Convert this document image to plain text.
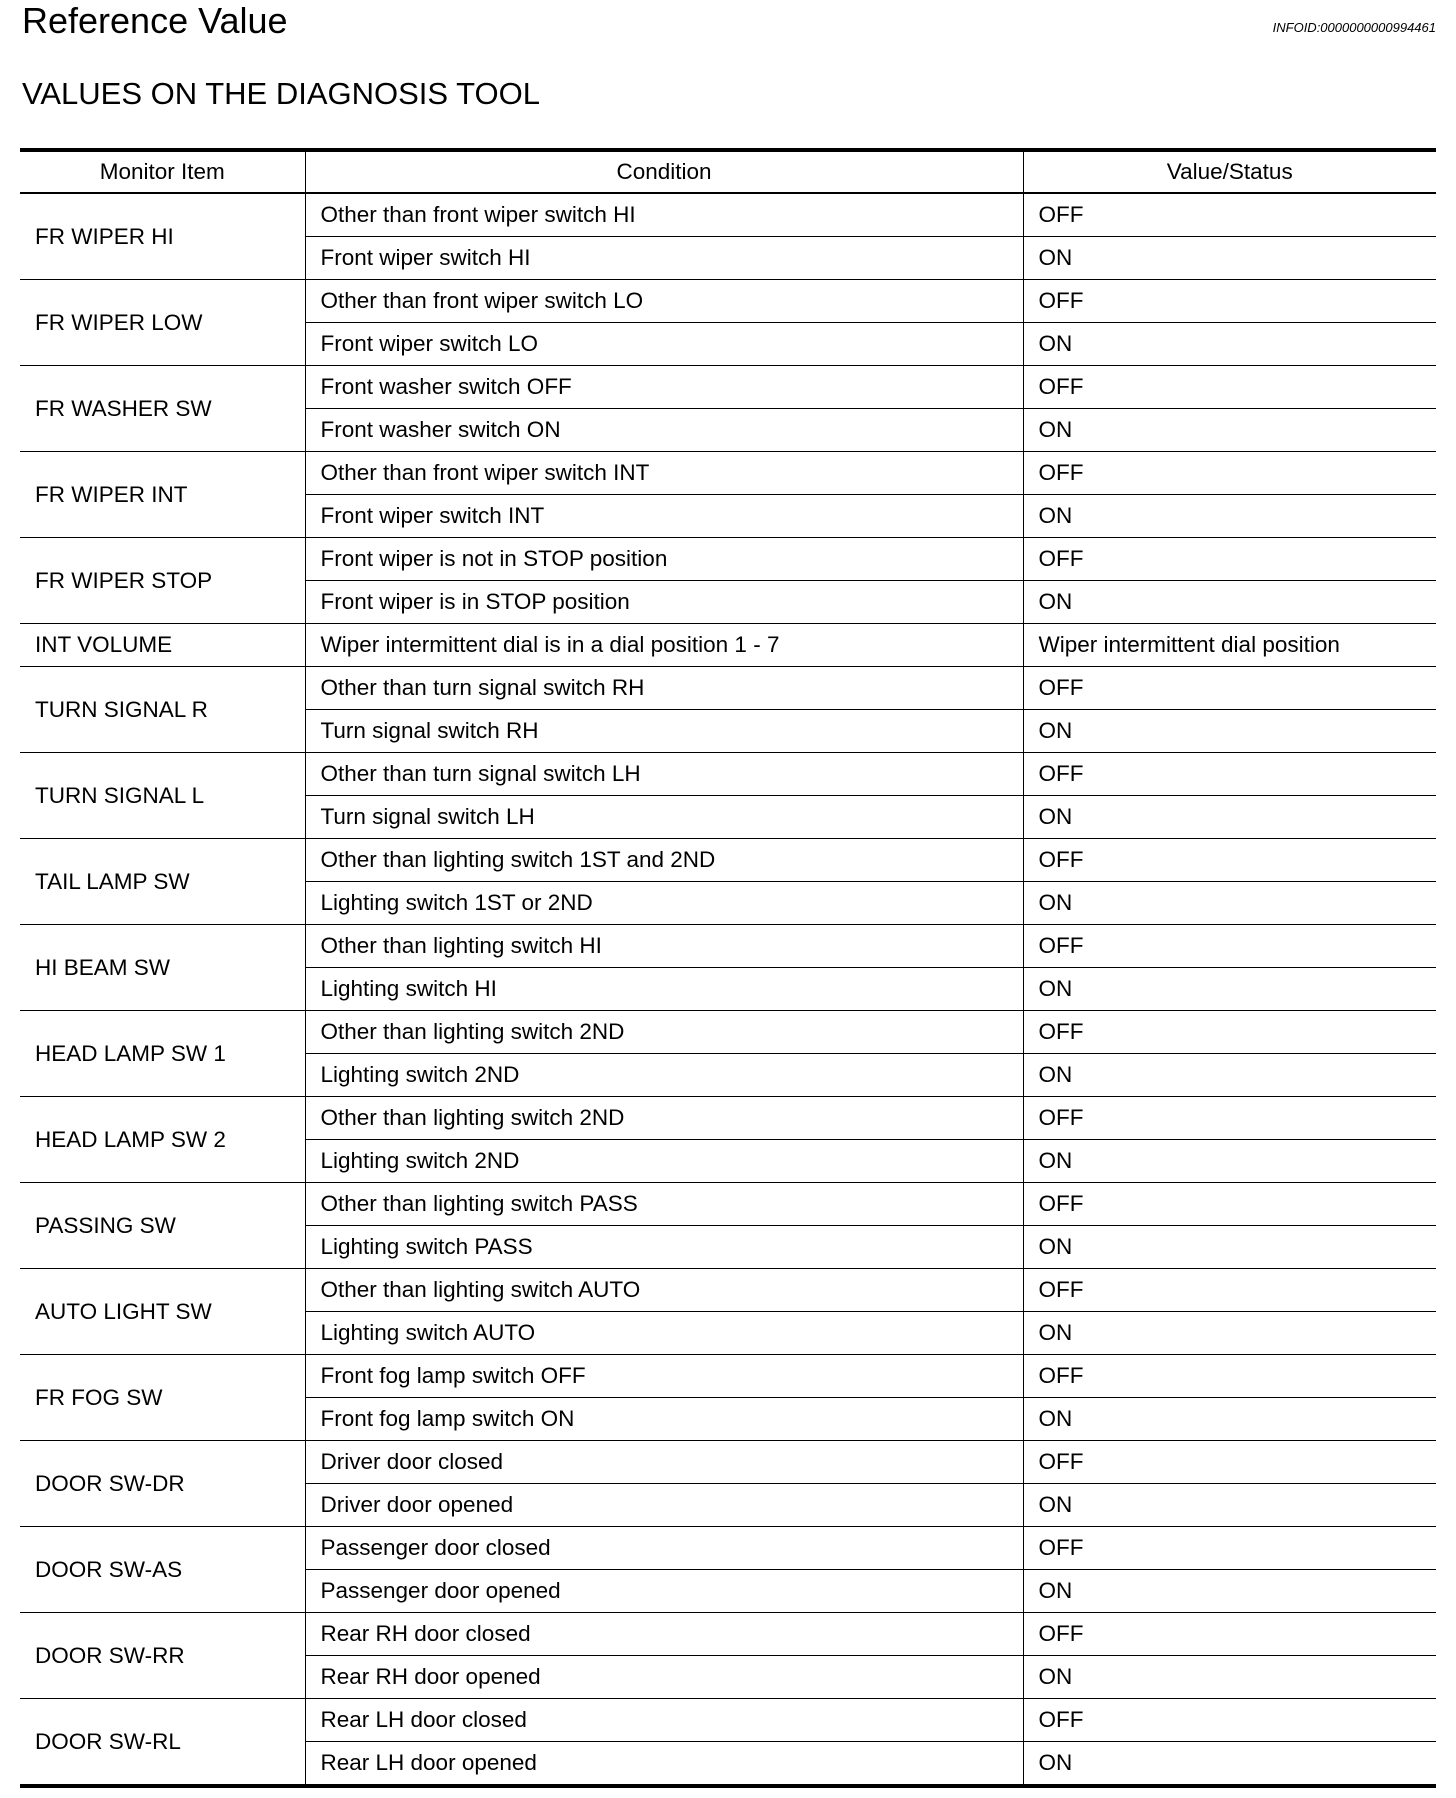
Reference Value	INFOID:0000000000994461
VALUES ON THE DIAGNOSIS TOOL
Monitor Item	Condition	Value/Status
FR WIPER HI	Other than front wiper switch HI	OFF
	Front wiper switch HI	ON
FR WIPER LOW	Other than front wiper switch LO	OFF
	Front wiper switch LO	ON
FR WASHER SW	Front washer switch OFF	OFF
	Front washer switch ON	ON
FR WIPER INT	Other than front wiper switch INT	OFF
	Front wiper switch INT	ON
FR WIPER STOP	Front wiper is not in STOP position	OFF
	Front wiper is in STOP position	ON
INT VOLUME	Wiper intermittent dial is in a dial position 1 - 7	Wiper intermittent dial position
TURN SIGNAL R	Other than turn signal switch RH	OFF
	Turn signal switch RH	ON
TURN SIGNAL L	Other than turn signal switch LH	OFF
	Turn signal switch LH	ON
TAIL LAMP SW	Other than lighting switch 1ST and 2ND	OFF
	Lighting switch 1ST or 2ND	ON
HI BEAM SW	Other than lighting switch HI	OFF
	Lighting switch HI	ON
HEAD LAMP SW 1	Other than lighting switch 2ND	OFF
	Lighting switch 2ND	ON
HEAD LAMP SW 2	Other than lighting switch 2ND	OFF
	Lighting switch 2ND	ON
PASSING SW	Other than lighting switch PASS	OFF
	Lighting switch PASS	ON
AUTO LIGHT SW	Other than lighting switch AUTO	OFF
	Lighting switch AUTO	ON
FR FOG SW	Front fog lamp switch OFF	OFF
	Front fog lamp switch ON	ON
DOOR SW-DR	Driver door closed	OFF
	Driver door opened	ON
DOOR SW-AS	Passenger door closed	OFF
	Passenger door opened	ON
DOOR SW-RR	Rear RH door closed	OFF
	Rear RH door opened	ON
DOOR SW-RL	Rear LH door closed	OFF
	Rear LH door opened	ON
